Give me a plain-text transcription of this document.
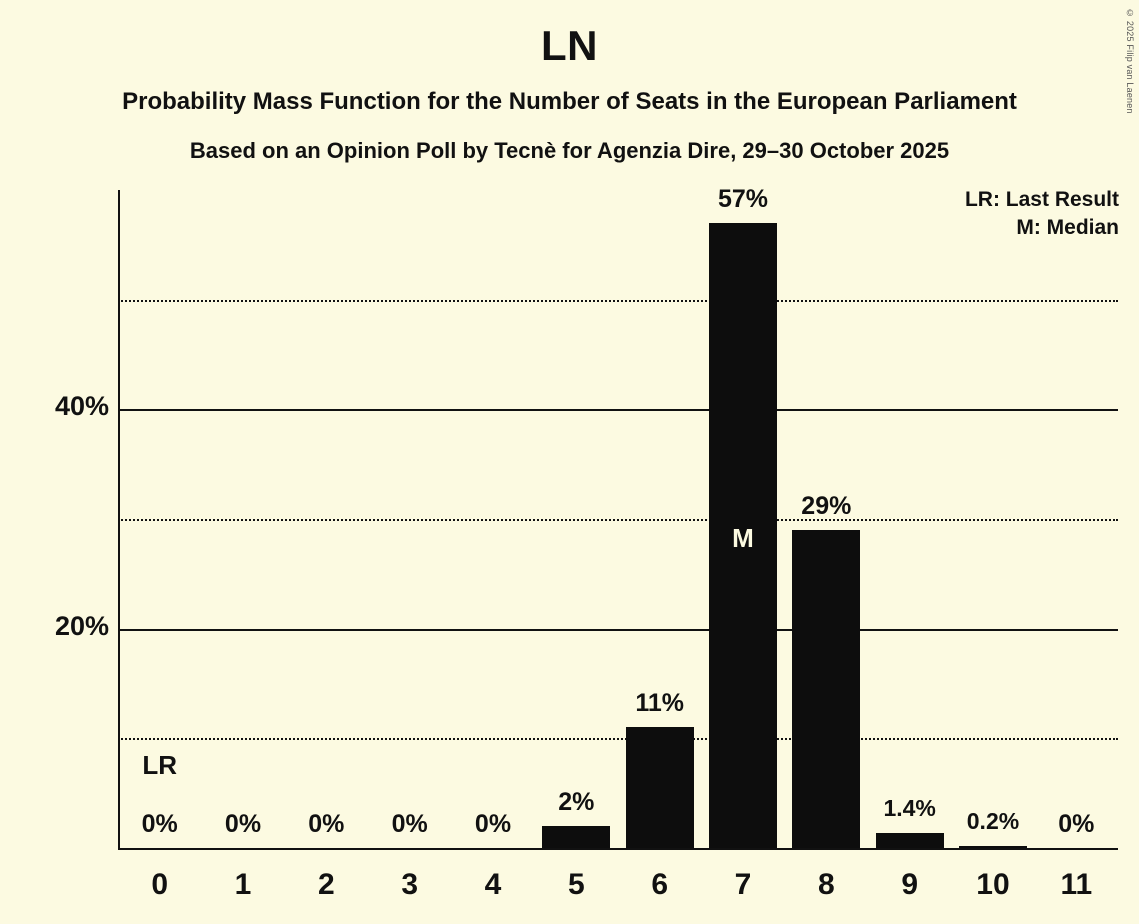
© 2025 Filip van Laenen
LN
Probability Mass Function for the Number of Seats in the European Parliament
Based on an Opinion Poll by Tecnè for Agenzia Dire, 29–30 October 2025
LR: Last Result
M: Median
20%
40%
0%
0
0%
1
0%
2
0%
3
0%
4
2%
5
11%
6
57%
7
29%
8
1.4%
9
0.2%
10
0%
11
M
LR
